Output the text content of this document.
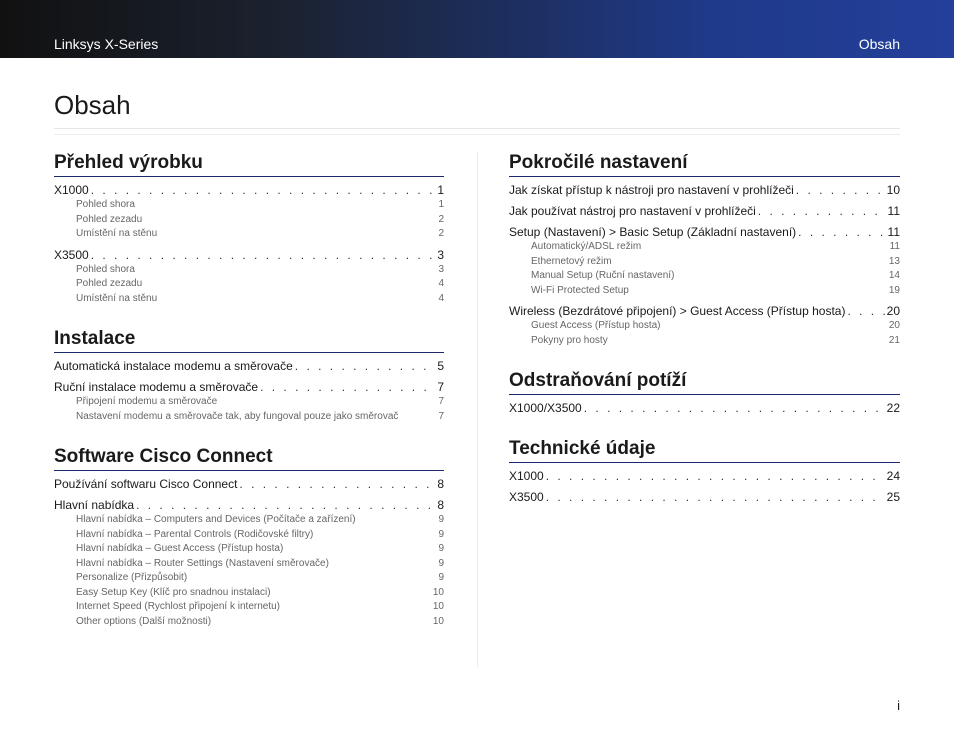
Linksys X-Series	Obsah
Obsah
Přehled výrobku
X1000 . . .	1
Pohled shora	1
Pohled zezadu	2
Umístění na stěnu	2
X3500 . . .	3
Pohled shora	3
Pohled zezadu	4
Umístění na stěnu	4
Instalace
Automatická instalace modemu a směrovače . . .	5
Ruční instalace modemu a směrovače . . .	7
Připojení modemu a směrovače	7
Nastavení modemu a směrovače tak, aby fungoval pouze jako směrovač	7
Software Cisco Connect
Používání softwaru Cisco Connect . . .	8
Hlavní nabídka . . .	8
Hlavní nabídka – Computers and Devices (Počítače a zařízení)	9
Hlavní nabídka – Parental Controls (Rodičovské filtry)	9
Hlavní nabídka – Guest Access (Přístup hosta)	9
Hlavní nabídka – Router Settings (Nastavení směrovače)	9
Personalize (Přizpůsobit)	9
Easy Setup Key (Klíč pro snadnou instalaci)	10
Internet Speed (Rychlost připojení k internetu)	10
Other options (Další možnosti)	10
Pokročilé nastavení
Jak získat přístup k nástroji pro nastavení v prohlížeči . . .	10
Jak používat nástroj pro nastavení v prohlížeči . . .	11
Setup (Nastavení) > Basic Setup (Základní nastavení) . . .	11
Automatický/ADSL režim	11
Ethernetový režim	13
Manual Setup (Ruční nastavení)	14
Wi-Fi Protected Setup	19
Wireless (Bezdrátové připojení) > Guest Access (Přístup hosta) . . .	20
Guest Access (Přístup hosta)	20
Pokyny pro hosty	21
Odstraňování potíží
X1000/X3500 . . .	22
Technické údaje
X1000 . . .	24
X3500 . . .	25
i
